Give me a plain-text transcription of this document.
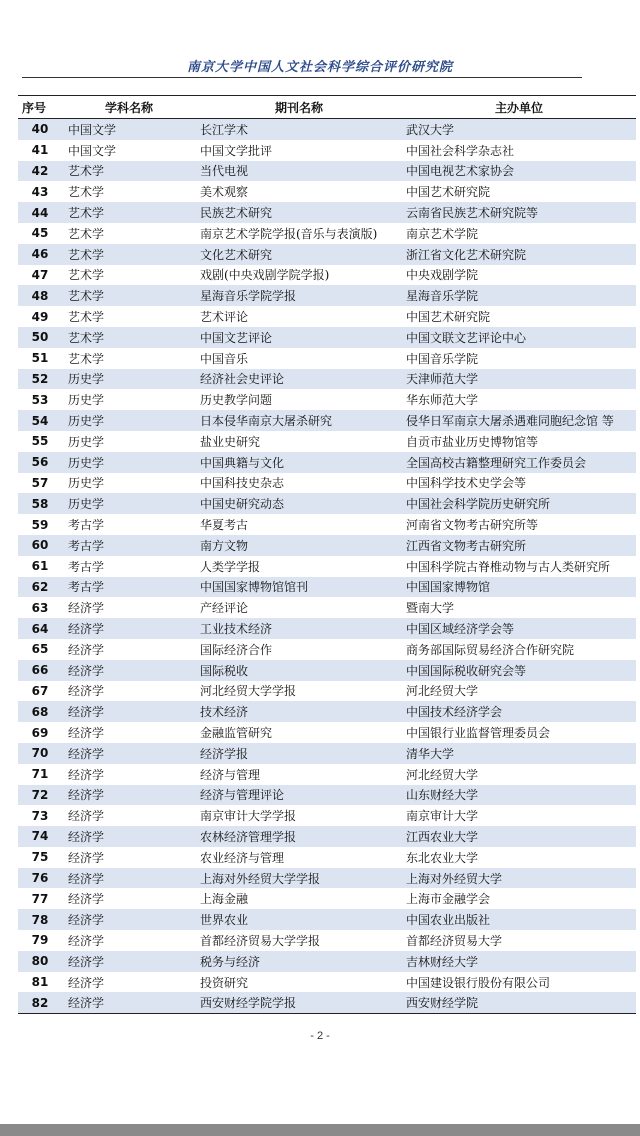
南京大学中国人文社会科学综合评价研究院
序号	学科名称	期刊名称	主办单位
40	中国文学	长江学术	武汉大学
41	中国文学	中国文学批评	中国社会科学杂志社
42	艺术学	当代电视	中国电视艺术家协会
43	艺术学	美术观察	中国艺术研究院
44	艺术学	民族艺术研究	云南省民族艺术研究院等
45	艺术学	南京艺术学院学报(音乐与表演版)	南京艺术学院
46	艺术学	文化艺术研究	浙江省文化艺术研究院
47	艺术学	戏剧(中央戏剧学院学报)	中央戏剧学院
48	艺术学	星海音乐学院学报	星海音乐学院
49	艺术学	艺术评论	中国艺术研究院
50	艺术学	中国文艺评论	中国文联文艺评论中心
51	艺术学	中国音乐	中国音乐学院
52	历史学	经济社会史评论	天津师范大学
53	历史学	历史教学问题	华东师范大学
54	历史学	日本侵华南京大屠杀研究	侵华日军南京大屠杀遇难同胞纪念馆 等
55	历史学	盐业史研究	自贡市盐业历史博物馆等
56	历史学	中国典籍与文化	全国高校古籍整理研究工作委员会
57	历史学	中国科技史杂志	中国科学技术史学会等
58	历史学	中国史研究动态	中国社会科学院历史研究所
59	考古学	华夏考古	河南省文物考古研究所等
60	考古学	南方文物	江西省文物考古研究所
61	考古学	人类学学报	中国科学院古脊椎动物与古人类研究所
62	考古学	中国国家博物馆馆刊	中国国家博物馆
63	经济学	产经评论	暨南大学
64	经济学	工业技术经济	中国区域经济学会等
65	经济学	国际经济合作	商务部国际贸易经济合作研究院
66	经济学	国际税收	中国国际税收研究会等
67	经济学	河北经贸大学学报	河北经贸大学
68	经济学	技术经济	中国技术经济学会
69	经济学	金融监管研究	中国银行业监督管理委员会
70	经济学	经济学报	清华大学
71	经济学	经济与管理	河北经贸大学
72	经济学	经济与管理评论	山东财经大学
73	经济学	南京审计大学学报	南京审计大学
74	经济学	农林经济管理学报	江西农业大学
75	经济学	农业经济与管理	东北农业大学
76	经济学	上海对外经贸大学学报	上海对外经贸大学
77	经济学	上海金融	上海市金融学会
78	经济学	世界农业	中国农业出版社
79	经济学	首都经济贸易大学学报	首都经济贸易大学
80	经济学	税务与经济	吉林财经大学
81	经济学	投资研究	中国建设银行股份有限公司
82	经济学	西安财经学院学报	西安财经学院
- 2 -
